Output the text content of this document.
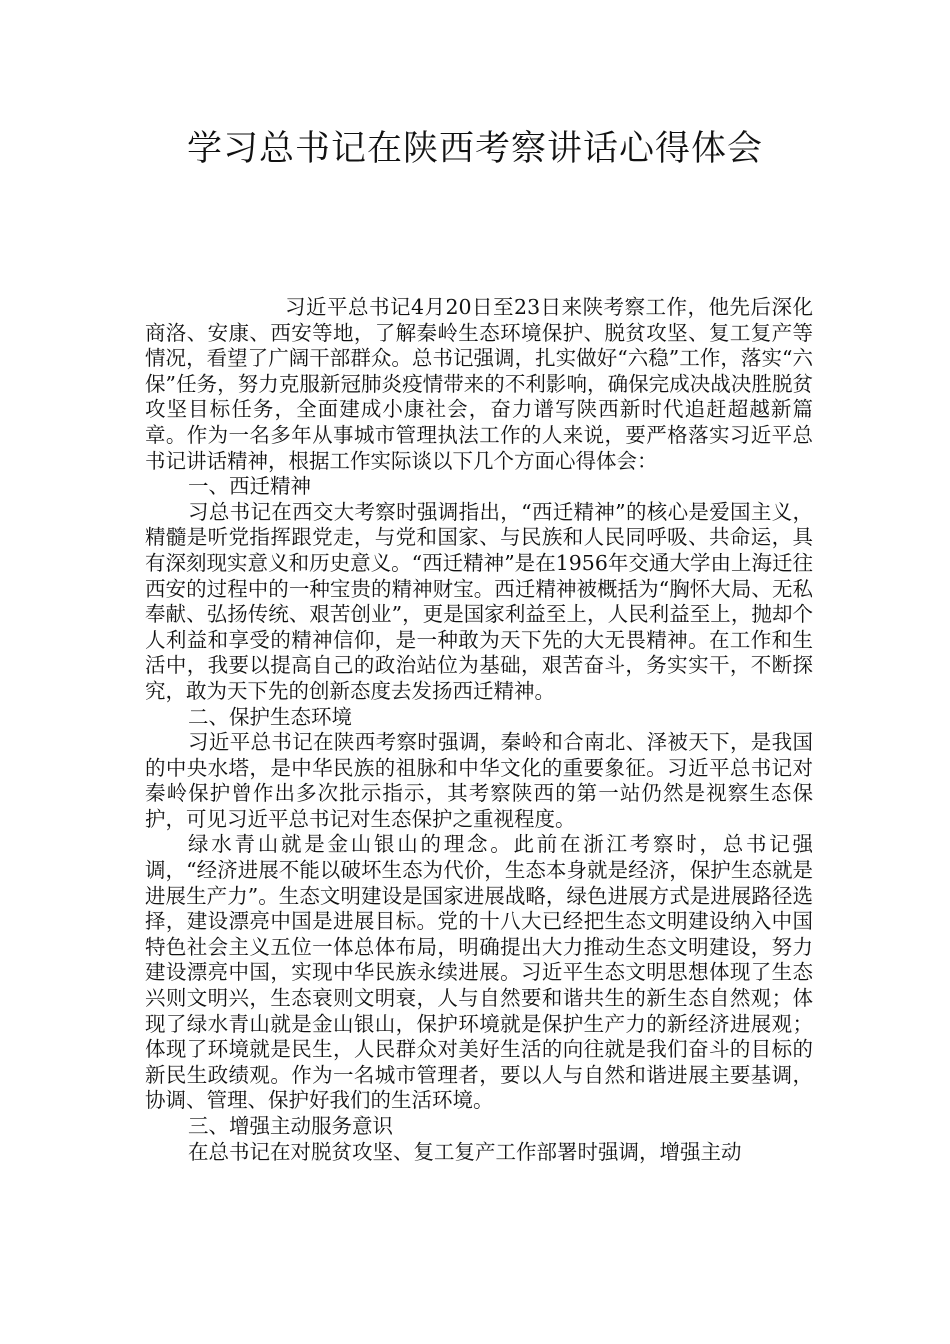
学习总书记在陕西考察讲话心得体会

习近平总书记4月20日至23日来陕考察工作，他先后深化商洛、安康、西安等地，了解秦岭生态环境保护、脱贫攻坚、复工复产等情况，看望了广阔干部群众。总书记强调，扎实做好“六稳”工作，落实“六保”任务，努力克服新冠肺炎疫情带来的不利影响，确保完成决战决胜脱贫攻坚目标任务，全面建成小康社会，奋力谱写陕西新时代追赶超越新篇章。作为一名多年从事城市管理执法工作的人来说，要严格落实习近平总书记讲话精神，根据工作实际谈以下几个方面心得体会：

一、西迁精神

习总书记在西交大考察时强调指出，“西迁精神”的核心是爱国主义，精髓是听党指挥跟党走，与党和国家、与民族和人民同呼吸、共命运，具有深刻现实意义和历史意义。“西迁精神”是在1956年交通大学由上海迁往西安的过程中的一种宝贵的精神财宝。西迁精神被概括为“胸怀大局、无私奉献、弘扬传统、艰苦创业”，更是国家利益至上，人民利益至上，抛却个人利益和享受的精神信仰，是一种敢为天下先的大无畏精神。在工作和生活中，我要以提高自己的政治站位为基础，艰苦奋斗，务实实干，不断探究，敢为天下先的创新态度去发扬西迁精神。

二、保护生态环境

习近平总书记在陕西考察时强调，秦岭和合南北、泽被天下，是我国的中央水塔，是中华民族的祖脉和中华文化的重要象征。习近平总书记对秦岭保护曾作出多次批示指示，其考察陕西的第一站仍然是视察生态保护，可见习近平总书记对生态保护之重视程度。

绿水青山就是金山银山的理念。此前在浙江考察时，总书记强调，“经济进展不能以破坏生态为代价，生态本身就是经济，保护生态就是进展生产力”。生态文明建设是国家进展战略，绿色进展方式是进展路径选择，建设漂亮中国是进展目标。党的十八大已经把生态文明建设纳入中国特色社会主义五位一体总体布局，明确提出大力推动生态文明建设，努力建设漂亮中国，实现中华民族永续进展。习近平生态文明思想体现了生态兴则文明兴，生态衰则文明衰，人与自然要和谐共生的新生态自然观；体现了绿水青山就是金山银山，保护环境就是保护生产力的新经济进展观；体现了环境就是民生，人民群众对美好生活的向往就是我们奋斗的目标的新民生政绩观。作为一名城市管理者，要以人与自然和谐进展主要基调，协调、管理、保护好我们的生活环境。

三、增强主动服务意识

在总书记在对脱贫攻坚、复工复产工作部署时强调，增强主动
